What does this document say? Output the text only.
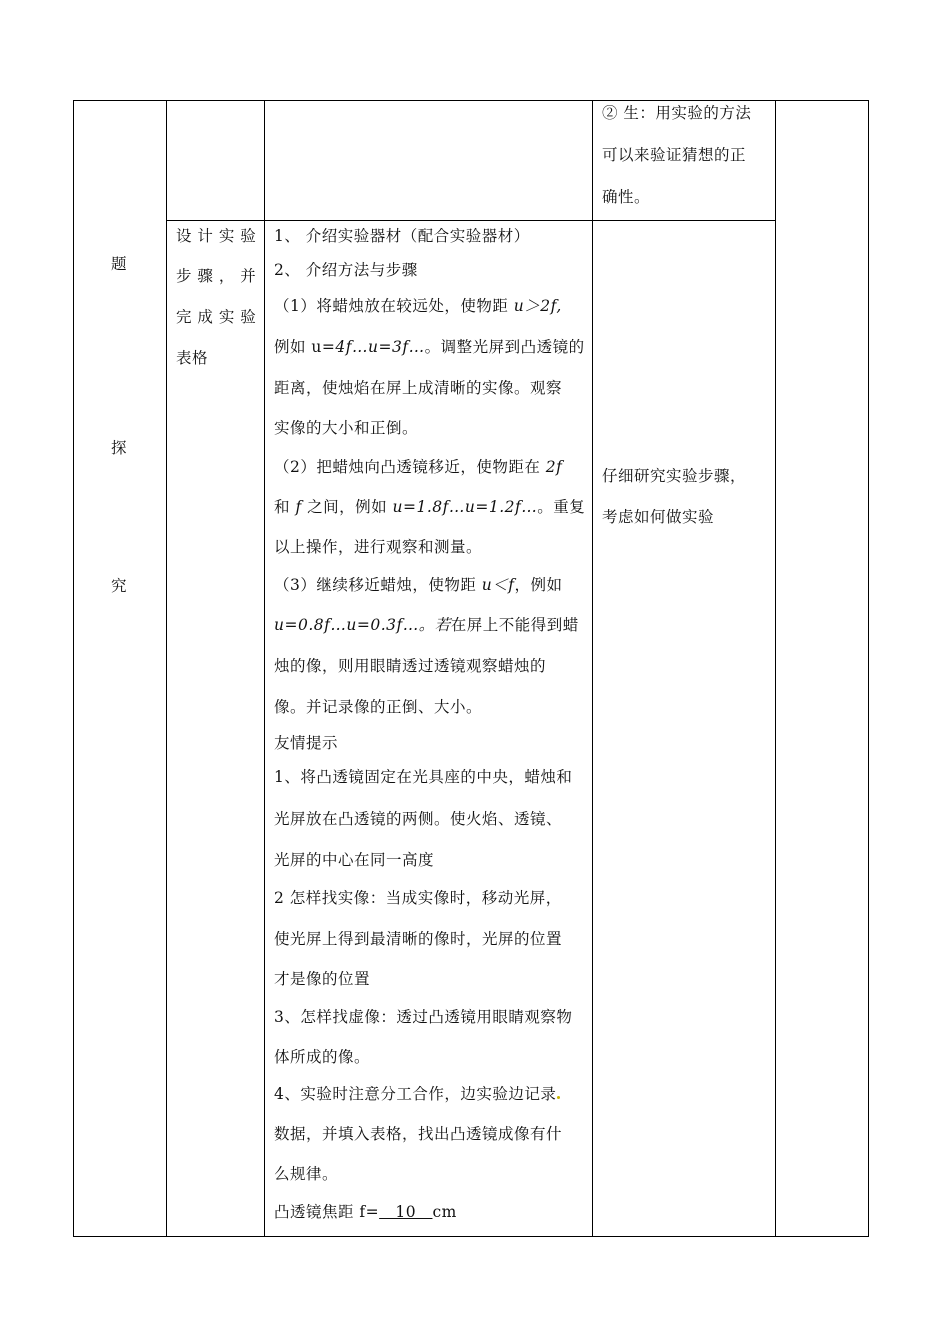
题
探
究
设 计 实 验
步 骤 ， 并
完 成 实 验
表格
② 生：用实验的方法
可以来验证猜想的正
确性。
仔细研究实验步骤，
考虑如何做实验
1、 介绍实验器材（配合实验器材）
2、 介绍方法与步骤
（1）将蜡烛放在较远处，使物距 u＞2f,
例如 u=4f…u=3f…。调整光屏到凸透镜的
距离，使烛焰在屏上成清晰的实像。观察
实像的大小和正倒。
（2）把蜡烛向凸透镜移近，使物距在 2f
和 f 之间，例如 u=1.8f…u=1.2f…。重复
以上操作，进行观察和测量。
（3）继续移近蜡烛，使物距 u＜f，例如
u=0.8f…u=0.3f…。若在屏上不能得到蜡
烛的像，则用眼睛透过透镜观察蜡烛的
像。并记录像的正倒、大小。
友情提示
1、将凸透镜固定在光具座的中央，蜡烛和
光屏放在凸透镜的两侧。使火焰、透镜、
光屏的中心在同一高度
2 怎样找实像：当成实像时，移动光屏，
使光屏上得到最清晰的像时，光屏的位置
才是像的位置
3、怎样找虚像：透过凸透镜用眼睛观察物
体所成的像。
4、实验时注意分工合作，边实验边记录
数据，并填入表格，找出凸透镜成像有什
么规律。
凸透镜焦距 f=   10   cm
